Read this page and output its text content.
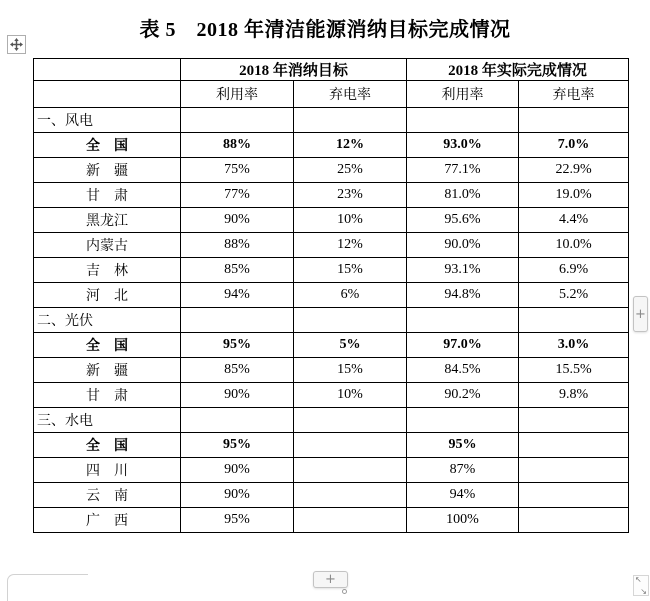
表 5　2018 年清洁能源消纳目标完成情况
	2018 年消纳目标		2018 年实际完成情况	
	利用率	弃电率	利用率	弃电率
一、风电				
全　国	88%	12%	93.0%	7.0%
新　疆	75%	25%	77.1%	22.9%
甘　肃	77%	23%	81.0%	19.0%
黑龙江	90%	10%	95.6%	4.4%
内蒙古	88%	12%	90.0%	10.0%
吉　林	85%	15%	93.1%	6.9%
河　北	94%	6%	94.8%	5.2%
二、光伏				
全　国	95%	5%	97.0%	3.0%
新　疆	85%	15%	84.5%	15.5%
甘　肃	90%	10%	90.2%	9.8%
三、水电				
全　国	95%		95%	
四　川	90%		87%	
云　南	90%		94%	
广　西	95%		100%	
+
+	↖
↘
